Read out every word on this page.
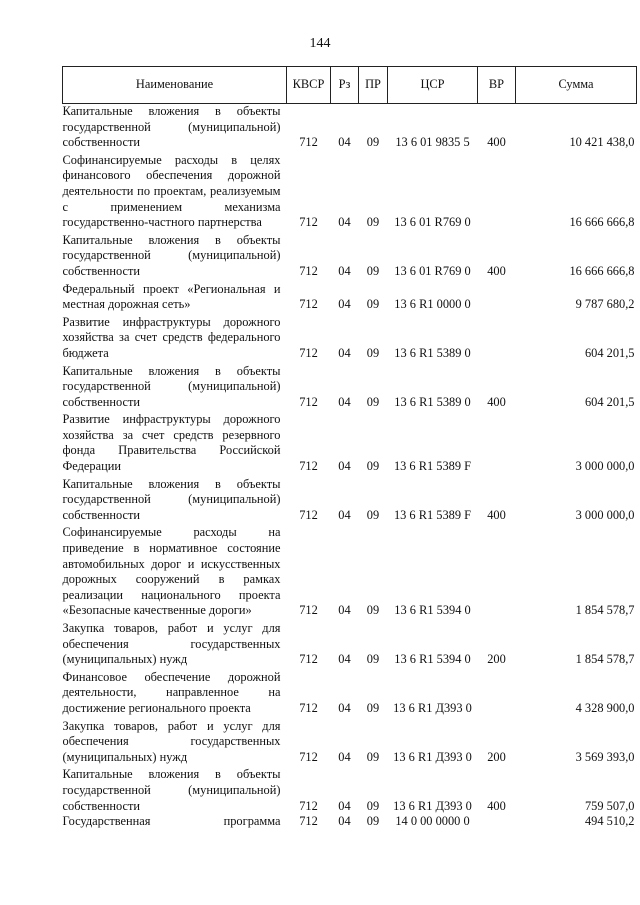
144
Наименование	КВСР	Рз	ПР	ЦСР	ВР	Сумма
Капитальные вложения в объекты государственной (муниципальной) собственности	712	04	09	13 6 01 9835 5	400	10 421 438,0
Софинансируемые расходы в целях финансового обеспечения дорожной деятельности по проектам, реализуемым с применением механизма государственно-частного партнерства	712	04	09	13 6 01 R769 0		16 666 666,8
Капитальные вложения в объекты государственной (муниципальной) собственности	712	04	09	13 6 01 R769 0	400	16 666 666,8
Федеральный проект «Региональная и местная дорожная сеть»	712	04	09	13 6 R1 0000 0		9 787 680,2
Развитие инфраструктуры дорожного хозяйства за счет средств федерального бюджета	712	04	09	13 6 R1 5389 0		604 201,5
Капитальные вложения в объекты государственной (муниципальной) собственности	712	04	09	13 6 R1 5389 0	400	604 201,5
Развитие инфраструктуры дорожного хозяйства за счет средств резервного фонда Правительства Российской Федерации	712	04	09	13 6 R1 5389 F		3 000 000,0
Капитальные вложения в объекты государственной (муниципальной) собственности	712	04	09	13 6 R1 5389 F	400	3 000 000,0
Софинансируемые расходы на приведение в нормативное состояние автомобильных дорог и искусственных дорожных сооружений в рамках реализации национального проекта «Безопасные качественные дороги»	712	04	09	13 6 R1 5394 0		1 854 578,7
Закупка товаров, работ и услуг для обеспечения государственных (муниципальных) нужд	712	04	09	13 6 R1 5394 0	200	1 854 578,7
Финансовое обеспечение дорожной деятельности, направленное на достижение регионального проекта	712	04	09	13 6 R1 Д393 0		4 328 900,0
Закупка товаров, работ и услуг для обеспечения государственных (муниципальных) нужд	712	04	09	13 6 R1 Д393 0	200	3 569 393,0
Капитальные вложения в объекты государственной (муниципальной) собственности	712	04	09	13 6 R1 Д393 0	400	759 507,0
Государственная программа	712	04	09	14 0 00 0000 0		494 510,2
